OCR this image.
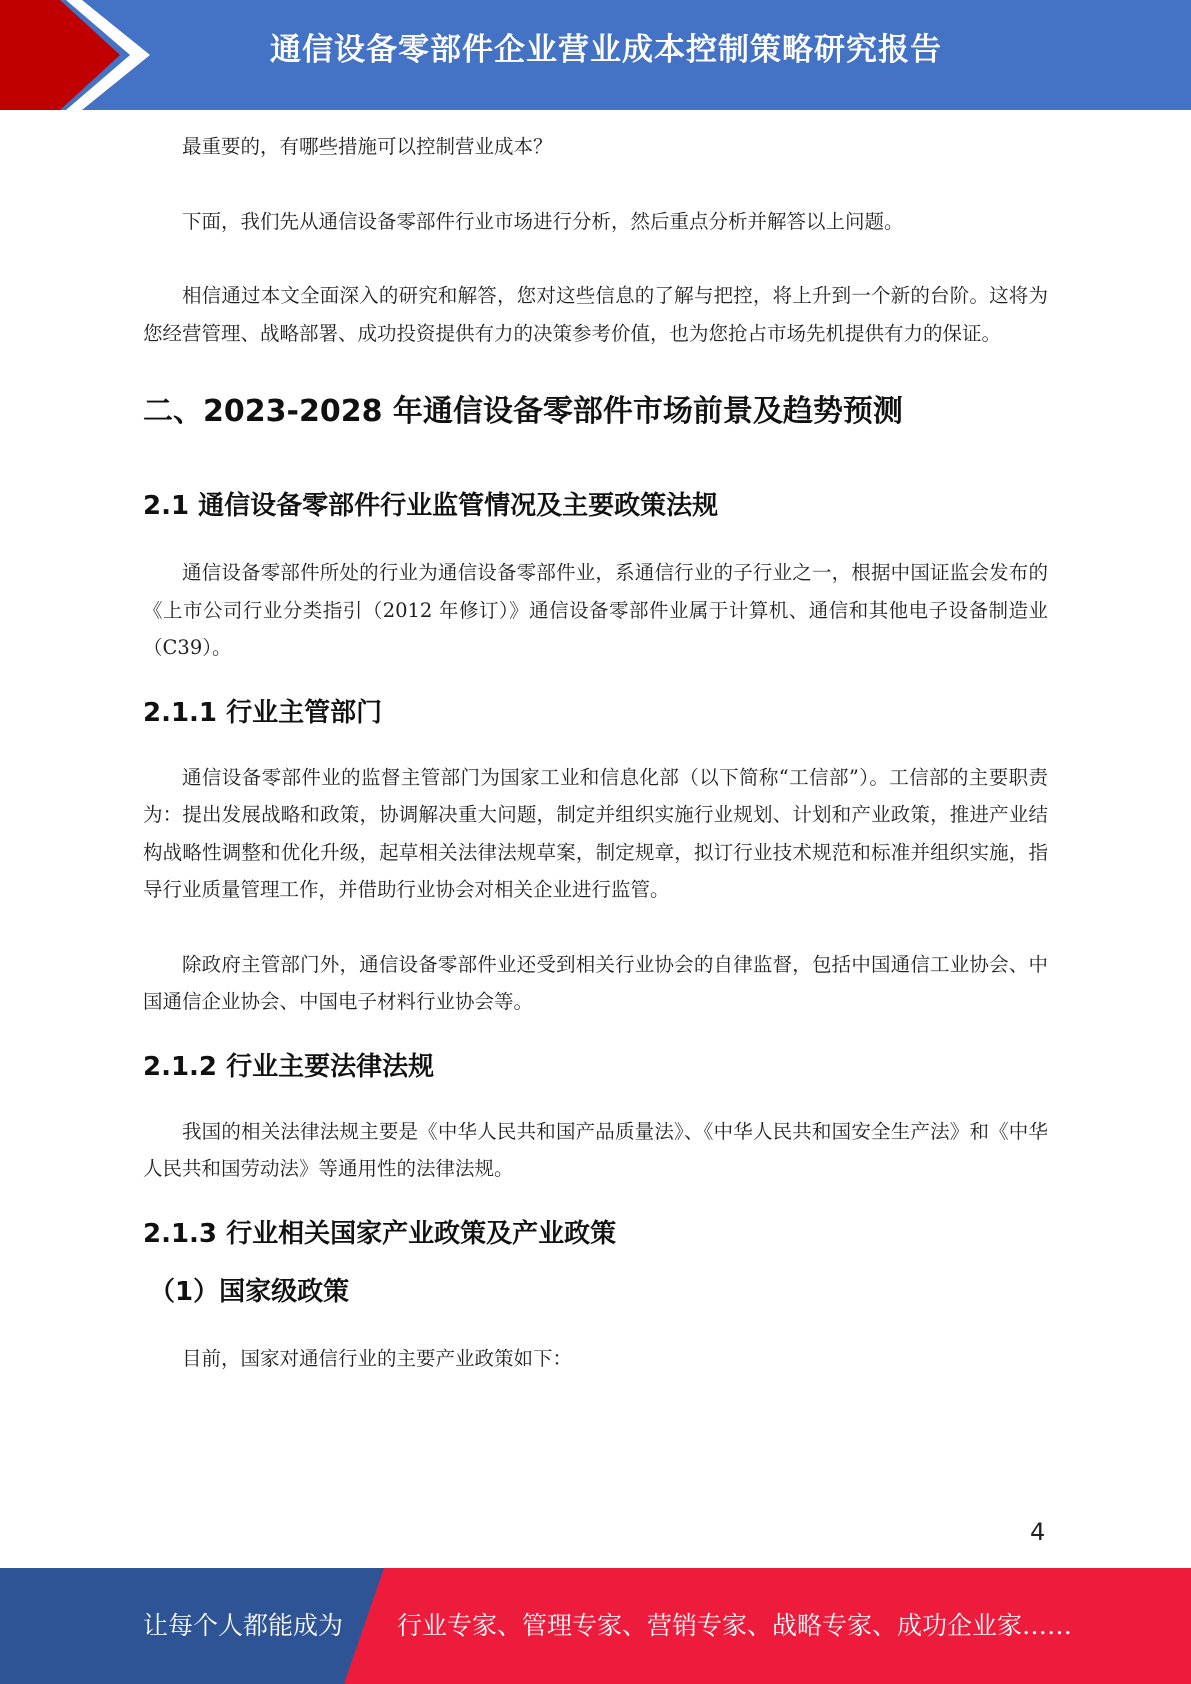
通信设备零部件企业营业成本控制策略研究报告

最重要的，有哪些措施可以控制营业成本？

下面，我们先从通信设备零部件行业市场进行分析，然后重点分析并解答以上问题。

相信通过本文全面深入的研究和解答，您对这些信息的了解与把控，将上升到一个新的台阶。这将为您经营管理、战略部署、成功投资提供有力的决策参考价值，也为您抢占市场先机提供有力的保证。

二、2023-2028 年通信设备零部件市场前景及趋势预测
2.1 通信设备零部件行业监管情况及主要政策法规

通信设备零部件所处的行业为通信设备零部件业，系通信行业的子行业之一，根据中国证监会发布的《上市公司行业分类指引（2012 年修订）》通信设备零部件业属于计算机、通信和其他电子设备制造业（C39）。

2.1.1 行业主管部门

通信设备零部件业的监督主管部门为国家工业和信息化部（以下简称“工信部”）。工信部的主要职责为：提出发展战略和政策，协调解决重大问题，制定并组织实施行业规划、计划和产业政策，推进产业结构战略性调整和优化升级，起草相关法律法规草案，制定规章，拟订行业技术规范和标准并组织实施，指导行业质量管理工作，并借助行业协会对相关企业进行监管。

除政府主管部门外，通信设备零部件业还受到相关行业协会的自律监督，包括中国通信工业协会、中国通信企业协会、中国电子材料行业协会等。

2.1.2 行业主要法律法规

我国的相关法律法规主要是《中华人民共和国产品质量法》、《中华人民共和国安全生产法》和《中华人民共和国劳动法》等通用性的法律法规。

2.1.3 行业相关国家产业政策及产业政策
（1）国家级政策

目前，国家对通信行业的主要产业政策如下：

4
让每个人都能成为 行业专家、管理专家、营销专家、战略专家、成功企业家……
